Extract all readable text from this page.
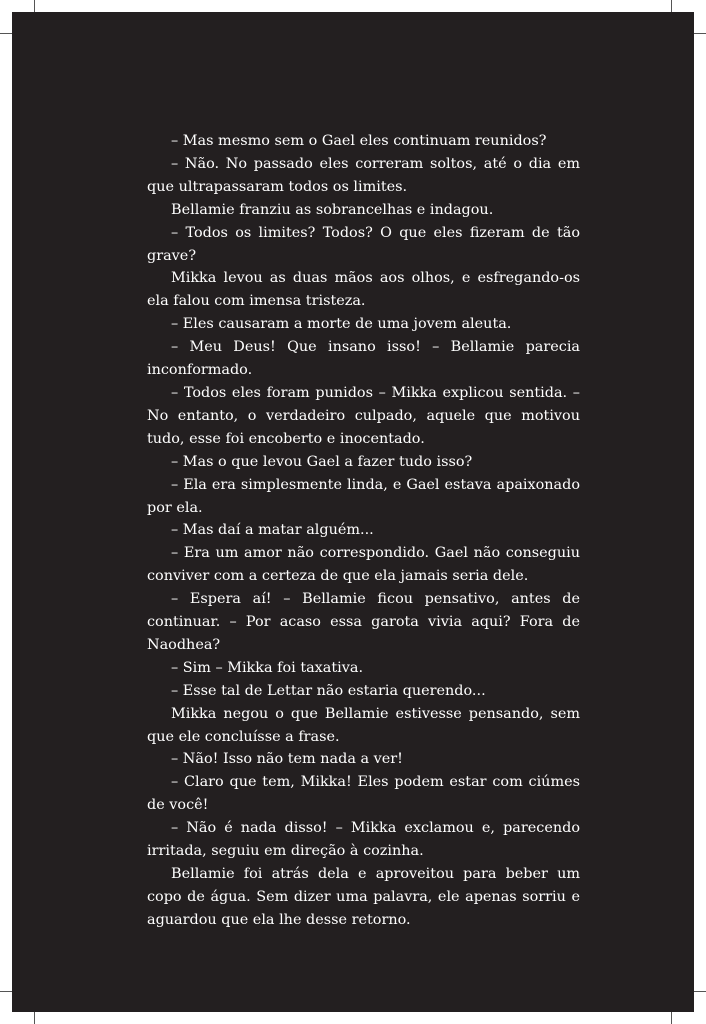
– Mas mesmo sem o Gael eles continuam reunidos?

– Não. No passado eles correram soltos, até o dia em que ultrapassaram todos os limites.

Bellamie franziu as sobrancelhas e indagou.

– Todos os limites? Todos? O que eles fizeram de tão grave?

Mikka levou as duas mãos aos olhos, e esfregando-os ela falou com imensa tristeza.

– Eles causaram a morte de uma jovem aleuta.

– Meu Deus! Que insano isso! – Bellamie parecia inconformado.

– Todos eles foram punidos – Mikka explicou sentida. – No entanto, o verdadeiro culpado, aquele que motivou tudo, esse foi encoberto e inocentado.

– Mas o que levou Gael a fazer tudo isso?

– Ela era simplesmente linda, e Gael estava apaixonado por ela.

– Mas daí a matar alguém...

– Era um amor não correspondido. Gael não conseguiu conviver com a certeza de que ela jamais seria dele.

– Espera aí! – Bellamie ficou pensativo, antes de continuar. – Por acaso essa garota vivia aqui? Fora de Naodhea?

– Sim – Mikka foi taxativa.

– Esse tal de Lettar não estaria querendo...

Mikka negou o que Bellamie estivesse pensando, sem que ele concluísse a frase.

– Não! Isso não tem nada a ver!

– Claro que tem, Mikka! Eles podem estar com ciúmes de você!

– Não é nada disso! – Mikka exclamou e, parecendo irritada, seguiu em direção à cozinha.

Bellamie foi atrás dela e aproveitou para beber um copo de água. Sem dizer uma palavra, ele apenas sorriu e aguardou que ela lhe desse retorno.
